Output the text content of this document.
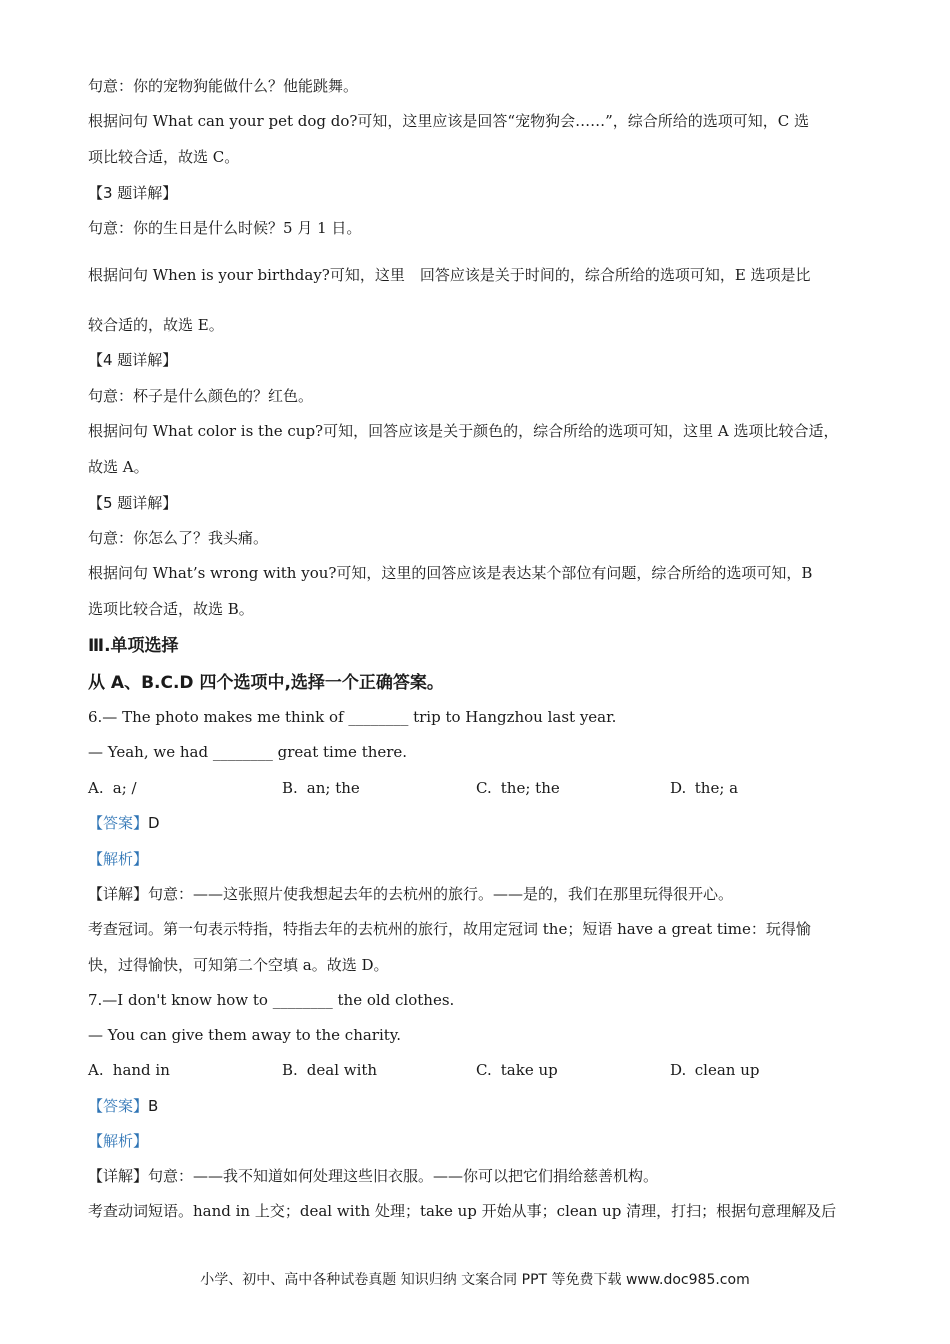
句意：你的宠物狗能做什么？他能跳舞。
根据问句 What can your pet dog do?可知，这里应该是回答“宠物狗会……”，综合所给的选项可知，C 选
项比较合适，故选 C。
【3 题详解】
句意：你的生日是什么时候？5 月 1 日。
根据问句 When is your birthday?可知，这里　回答应该是关于时间的，综合所给的选项可知，E 选项是比
较合适的，故选 E。
【4 题详解】
句意：杯子是什么颜色的？红色。
根据问句 What color is the cup?可知，回答应该是关于颜色的，综合所给的选项可知，这里 A 选项比较合适，
故选 A。
【5 题详解】
句意：你怎么了？我头痛。
根据问句 What’s wrong with you?可知，这里的回答应该是表达某个部位有问题，综合所给的选项可知，B
选项比较合适，故选 B。
Ⅲ.单项选择
从 A、B.C.D 四个选项中,选择一个正确答案。
6.— The photo makes me think of ________ trip to Hangzhou last year.
— Yeah, we had ________ great time there.
A. a; /	B. an; the	C. the; the	D. the; a
【答案】D
【解析】
【详解】句意：——这张照片使我想起去年的去杭州的旅行。——是的，我们在那里玩得很开心。
考查冠词。第一句表示特指，特指去年的去杭州的旅行，故用定冠词 the；短语 have a great time：玩得愉
快，过得愉快，可知第二个空填 a。故选 D。
7.—I don't know how to ________ the old clothes.
— You can give them away to the charity.
A. hand in	B. deal with	C. take up	D. clean up
【答案】B
【解析】
【详解】句意：——我不知道如何处理这些旧衣服。——你可以把它们捐给慈善机构。
考查动词短语。hand in 上交；deal with 处理；take up 开始从事；clean up 清理，打扫；根据句意理解及后
小学、初中、高中各种试卷真题 知识归纳 文案合同 PPT 等免费下载 www.doc985.com
